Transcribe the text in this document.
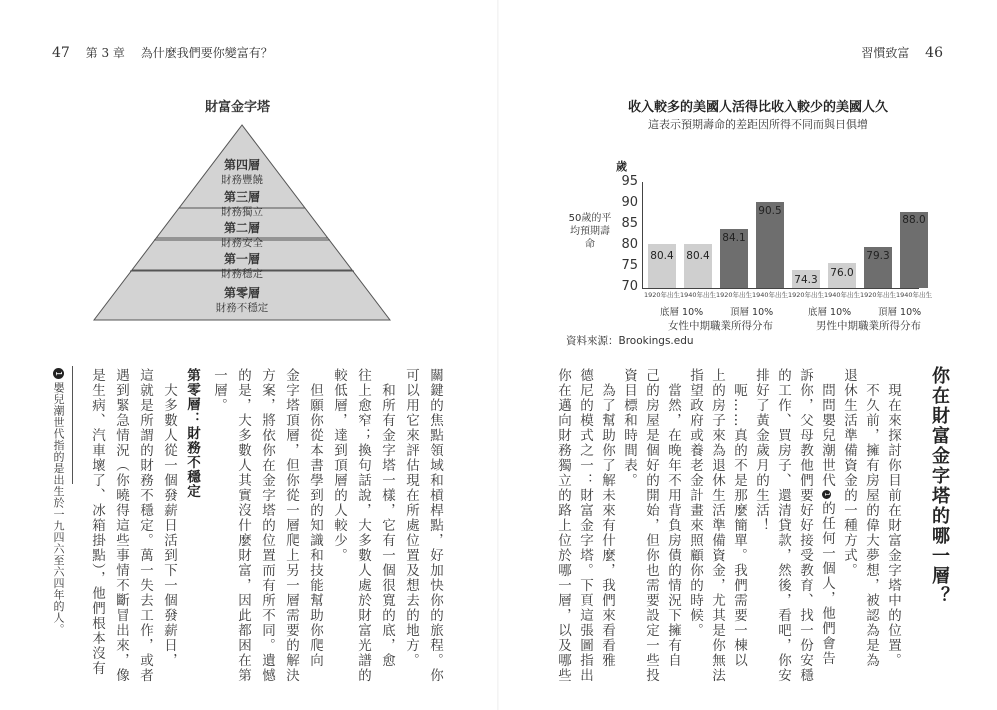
47 第 3 章 為什麼我們要你變富有？
財富金字塔
第四層
財務豐饒
第三層
財務獨立
第二層
財務安全
第一層
財務穩定
第零層
財務不穩定
關鍵的焦點領域和槓桿點，好加快你的旅程。你
可以用它來評估現在所處位置及想去的地方。
　和所有金字塔一樣，它有一個很寬的底，愈
往上愈窄；換句話說，大多數人處於財富光譜的
較低層，達到頂層的人較少。
　但願你從本書學到的知識和技能幫助你爬向
金字塔頂層，但你從一層爬上另一層需要的解決
方案，將依你在金字塔的位置而有所不同。遺憾
的是，大多數人其實沒什麼財富，因此都困在第
一層。
第零層：財務不穩定
　大多數人從一個發薪日活到下一個發薪日，
這就是所謂的財務不穩定。萬一失去工作，或者
遇到緊急情況（你曉得這些事情不斷冒出來，像
是生病、汽車壞了、冰箱掛點），他們根本沒有
1嬰兒潮世代指的是出生於一九四六至六四年的人。
習慣致富 46
收入較多的美國人活得比收入較少的美國人久
這表示預期壽命的差距因所得不同而與日俱增
歲
50歲的平均預期壽命
95
90
85
80
75
70
80.4 80.4
84.1
90.5
74.3
76.0
79.3
88.0
1920年出生 1940年出生 1920年出生 1940年出生 1920年出生 1940年出生 1920年出生 1940年出生
底層 10%	頂層 10%	底層 10%	頂層 10%
女性中期職業所得分布	男性中期職業所得分布
資料來源：Brookings.edu
你在財富金字塔的哪一層？
　現在來探討你目前在財富金字塔中的位置。
　不久前，擁有房屋的偉大夢想，被認為是為
退休生活準備資金的一種方式。
　問問嬰兒潮世代1的任何一個人，他們會告
訴你，父母教他們要好好接受教育、找一份安穩
的工作、買房子、還清貸款，然後，看吧，你安
排好了黃金歲月的生活！
　呃……真的不是那麼簡單。我們需要一棟以
上的房子來為退休生活準備資金，尤其是你無法
指望政府或養老金計畫來照顧你的時候。
　當然，在晚年不用背負房債的情況下擁有自
己的房屋是個好的開始，但你也需要設定一些投
資目標和時間表。
　為了幫助你了解未來有什麼，我們來看看雅
德尼的模式之一：財富金字塔。下頁這張圖指出
你在邁向財務獨立的路上位於哪一層，以及哪些
